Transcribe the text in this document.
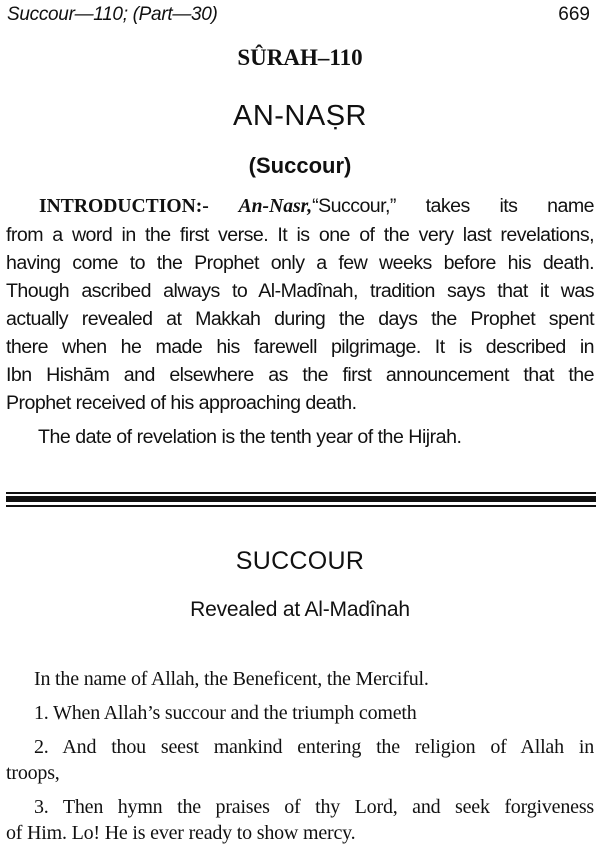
Succour—110; (Part—30)	669
SÛRAH–110
AN-NAṢR
(Succour)
INTRODUCTION:- An-Nasr,“Succour,” takes its name
from a word in the first verse. It is one of the very last revelations,
having come to the Prophet only a few weeks before his death.
Though ascribed always to Al-Madînah, tradition says that it was
actually revealed at Makkah during the days the Prophet spent
there when he made his farewell pilgrimage. It is described in
Ibn Hishām and elsewhere as the first announcement that the
Prophet received of his approaching death.
The date of revelation is the tenth year of the Hijrah.
SUCCOUR
Revealed at Al-Madînah
In the name of Allah, the Beneficent, the Merciful.
1. When Allah’s succour and the triumph cometh
2. And thou seest mankind entering the religion of Allah in
troops,
3. Then hymn the praises of thy Lord, and seek forgiveness
of Him. Lo! He is ever ready to show mercy.
